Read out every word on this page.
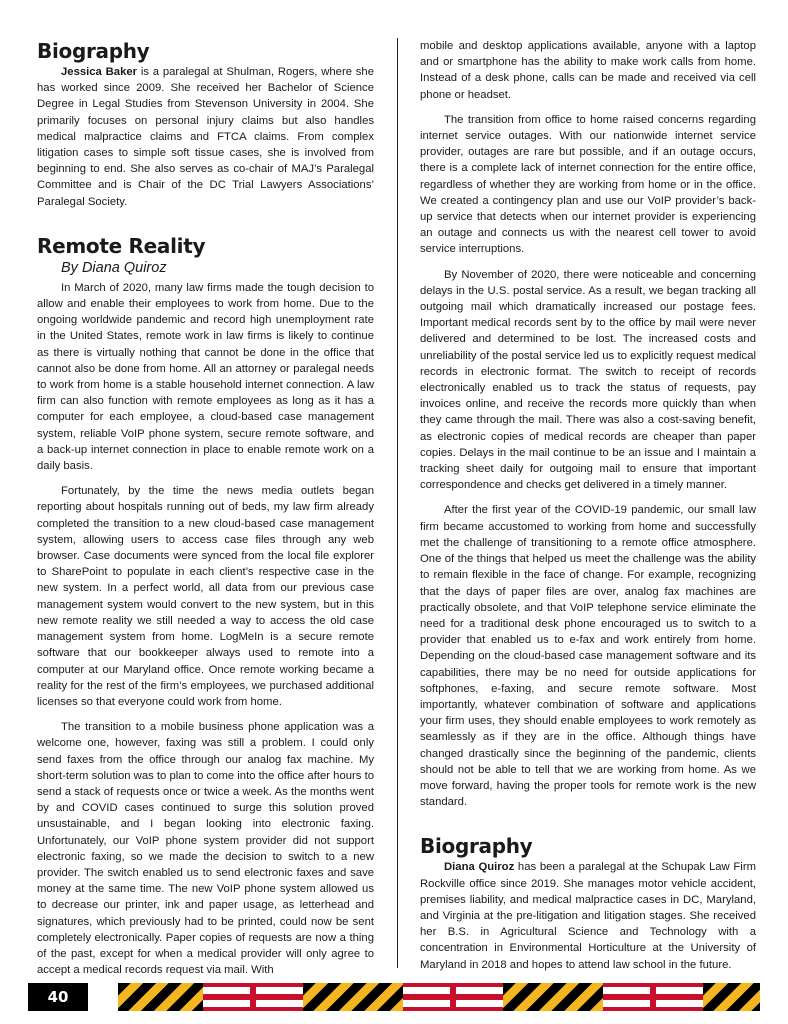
Biography

Jessica Baker is a paralegal at Shulman, Rogers, where she has worked since 2009. She received her Bachelor of Science Degree in Legal Studies from Stevenson University in 2004. She primarily focuses on personal injury claims but also handles medical malpractice claims and FTCA claims. From complex litigation cases to simple soft tissue cases, she is involved from beginning to end. She also serves as co-chair of MAJ’s Paralegal Committee and is Chair of the DC Trial Lawyers Associations’ Paralegal Society.

Remote Reality
By Diana Quiroz

In March of 2020, many law firms made the tough decision to allow and enable their employees to work from home. Due to the ongoing worldwide pandemic and record high unemployment rate in the United States, remote work in law firms is likely to continue as there is virtually nothing that cannot be done in the office that cannot also be done from home. All an attorney or paralegal needs to work from home is a stable household internet connection. A law firm can also function with remote employees as long as it has a computer for each employee, a cloud-based case management system, reliable VoIP phone system, secure remote software, and a back-up internet connection in place to enable remote work on a daily basis.

Fortunately, by the time the news media outlets began reporting about hospitals running out of beds, my law firm already completed the transition to a new cloud-based case management system, allowing users to access case files through any web browser. Case documents were synced from the local file explorer to SharePoint to populate in each client’s respective case in the new system. In a perfect world, all data from our previous case management system would convert to the new system, but in this new remote reality we still needed a way to access the old case management system from home. LogMeIn is a secure remote software that our bookkeeper always used to remote into a computer at our Maryland office. Once remote working became a reality for the rest of the firm’s employees, we purchased additional licenses so that everyone could work from home.

The transition to a mobile business phone application was a welcome one, however, faxing was still a problem. I could only send faxes from the office through our analog fax machine. My short-term solution was to plan to come into the office after hours to send a stack of requests once or twice a week. As the months went by and COVID cases continued to surge this solution proved unsustainable, and I began looking into electronic faxing. Unfortunately, our VoIP phone system provider did not support electronic faxing, so we made the decision to switch to a new provider. The switch enabled us to send electronic faxes and save money at the same time. The new VoIP phone system allowed us to decrease our printer, ink and paper usage, as letterhead and signatures, which previously had to be printed, could now be sent completely electronically. Paper copies of requests are now a thing of the past, except for when a medical provider will only agree to accept a medical records request via mail. With

mobile and desktop applications available, anyone with a laptop and or smartphone has the ability to make work calls from home. Instead of a desk phone, calls can be made and received via cell phone or headset.

The transition from office to home raised concerns regarding internet service outages. With our nationwide internet service provider, outages are rare but possible, and if an outage occurs, there is a complete lack of internet connection for the entire office, regardless of whether they are working from home or in the office. We created a contingency plan and use our VoIP provider’s back-up service that detects when our internet provider is experiencing an outage and connects us with the nearest cell tower to avoid service interruptions.

By November of 2020, there were noticeable and concerning delays in the U.S. postal service. As a result, we began tracking all outgoing mail which dramatically increased our postage fees. Important medical records sent by to the office by mail were never delivered and determined to be lost. The increased costs and unreliability of the postal service led us to explicitly request medical records in electronic format. The switch to receipt of records electronically enabled us to track the status of requests, pay invoices online, and receive the records more quickly than when they came through the mail. There was also a cost-saving benefit, as electronic copies of medical records are cheaper than paper copies. Delays in the mail continue to be an issue and I maintain a tracking sheet daily for outgoing mail to ensure that important correspondence and checks get delivered in a timely manner.

After the first year of the COVID-19 pandemic, our small law firm became accustomed to working from home and successfully met the challenge of transitioning to a remote office atmosphere. One of the things that helped us meet the challenge was the ability to remain flexible in the face of change. For example, recognizing that the days of paper files are over, analog fax machines are practically obsolete, and that VoIP telephone service eliminate the need for a traditional desk phone encouraged us to switch to a provider that enabled us to e-fax and work entirely from home. Depending on the cloud-based case management software and its capabilities, there may be no need for outside applications for softphones, e-faxing, and secure remote software. Most importantly, whatever combination of software and applications your firm uses, they should enable employees to work remotely as seamlessly as if they are in the office. Although things have changed drastically since the beginning of the pandemic, clients should not be able to tell that we are working from home. As we move forward, having the proper tools for remote work is the new standard.

Biography

Diana Quiroz has been a paralegal at the Schupak Law Firm Rockville office since 2019. She manages motor vehicle accident, premises liability, and medical malpractice cases in DC, Maryland, and Virginia at the pre-litigation and litigation stages. She received her B.S. in Agricultural Science and Technology with a concentration in Environmental Horticulture at the University of Maryland in 2018 and hopes to attend law school in the future.

40
